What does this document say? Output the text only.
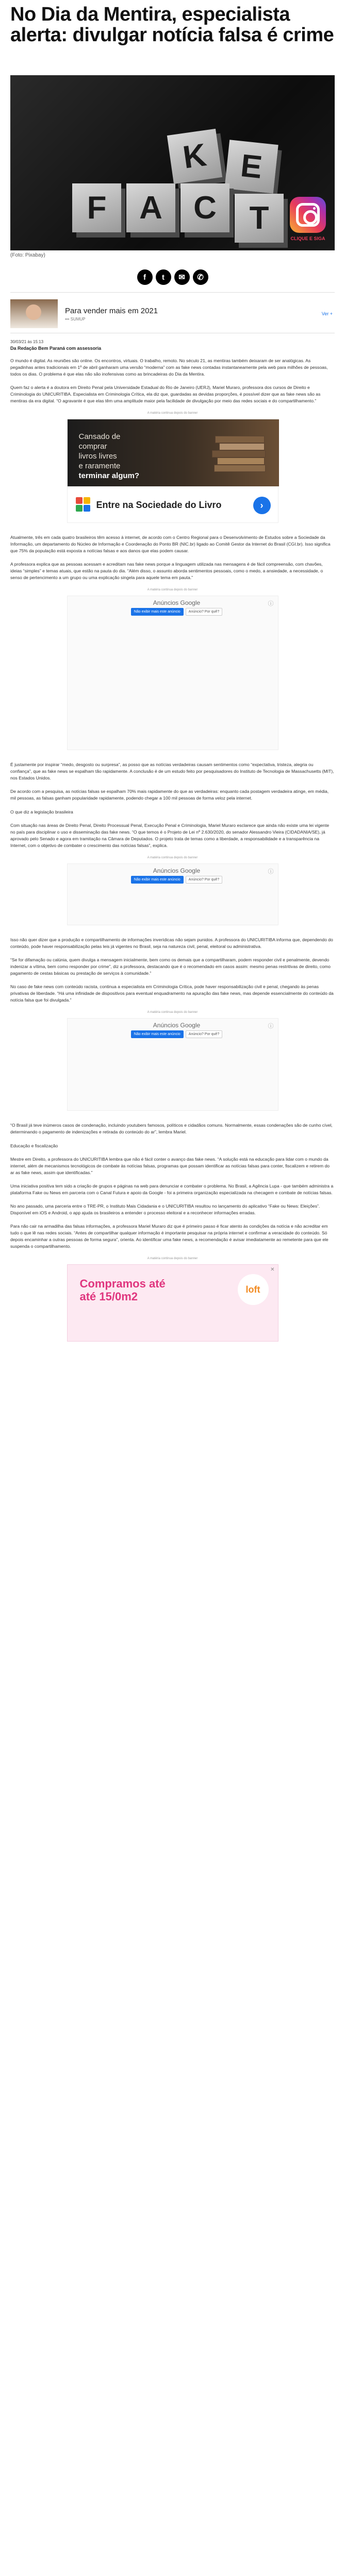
No Dia da Mentira, especialista alerta: divulgar notícia falsa é crime
F	A
K E
C	T
CLIQUE E SIGA
(Foto: Pixabay)
f	t	✉	✆
Para vender mais em 2021
••• SUMUP
Ver +
30/03/21 às 15:13
Da Redação Bem Paraná com assessoria

O mundo é digital. As reuniões são online. Os encontros, virtuais. O trabalho, remoto. No século 21, as mentiras também deixaram de ser analógicas. As pegadinhas antes tradicionais em 1º de abril ganharam uma versão “moderna” com as fake news contadas instantaneamente pela web para milhões de pessoas, todos os dias. O problema é que elas não são inofensivas como as brincadeiras do Dia da Mentira.

Quem faz o alerta é a doutora em Direito Penal pela Universidade Estadual do Rio de Janeiro (UERJ), Mariel Muraro, professora dos cursos de Direito e Criminologia do UNICURITIBA. Especialista em Criminologia Crítica, ela diz que, guardadas as devidas proporções, é possível dizer que as fake news são as mentiras da era digital. “O agravante é que elas têm uma amplitude maior pela facilidade de divulgação por meio das redes sociais e do compartilhamento.”

A matéria continua depois do banner
Cansado de
comprar
livros livres
e raramente
terminar algum?
Entre na Sociedade do Livro	›

Atualmente, três em cada quatro brasileiros têm acesso à internet, de acordo com o Centro Regional para o Desenvolvimento de Estudos sobre a Sociedade da Informação, um departamento do Núcleo de Informação e Coordenação do Ponto BR (NIC.br) ligado ao Comitê Gestor da Internet do Brasil (CGI.br). Isso significa que 75% da população está exposta a notícias falsas e aos danos que elas podem causar.

A professora explica que as pessoas acessam e acreditam nas fake news porque a linguagem utilizada nas mensagens é de fácil compreensão, com chavões, ideias “simples” e temas atuais, que estão na pauta do dia. “Além disso, o assunto aborda sentimentos pessoais, como o medo, a ansiedade, a necessidade, o senso de pertencimento a um grupo ou uma explicação singela para aquele tema em pauta.”

A matéria continua depois do banner
Anúncios Google
Não exibir mais este anúncio	Anúncio? Por quê?
ⓘ

É justamente por inspirar “medo, desgosto ou surpresa”, as posso que as notícias verdadeiras causam sentimentos como “expectativa, tristeza, alegria ou confiança”, que as fake news se espalham tão rapidamente. A conclusão é de um estudo feito por pesquisadores do Instituto de Tecnologia de Massachusetts (MIT), nos Estados Unidos.

De acordo com a pesquisa, as notícias falsas se espalham 70% mais rapidamente do que as verdadeiras: enquanto cada postagem verdadeira atinge, em média, mil pessoas, as falsas ganham popularidade rapidamente, podendo chegar a 100 mil pessoas de forma veloz pela internet.

O que diz a legislação brasileira

Com situação nas áreas de Direito Penal, Direito Processual Penal, Execução Penal e Criminologia, Mariel Muraro esclarece que ainda não existe uma lei vigente no país para disciplinar o uso e disseminação das fake news. “O que temos é o Projeto de Lei nº 2.630/2020, do senador Alessandro Vieira (CIDADANIA/SE), já aprovado pelo Senado e agora em tramitação na Câmara de Deputados. O projeto trata de temas como a liberdade, a responsabilidade e a transparência na Internet, com o objetivo de combater o crescimento das notícias falsas”, explica.

A matéria continua depois do banner
Anúncios Google
Não exibir mais este anúncio	Anúncio? Por quê?
ⓘ

Isso não quer dizer que a produção e compartilhamento de informações inverídicas não sejam punidos. A professora do UNICURITIBA informa que, dependendo do conteúdo, pode haver responsabilização pelas leis já vigentes no Brasil, seja na natureza civil, penal, eleitoral ou administrativa.

“Se for difamação ou calúnia, quem divulga a mensagem inicialmente, bem como os demais que a compartilharam, podem responder civil e penalmente, devendo indenizar a vítima, bem como responder por crime”, diz a professora, destacando que é o recomendado em casos assim: mesmo penas restritivas de direito, como pagamento de cestas básicas ou prestação de serviços à comunidade.”

No caso de fake news com conteúdo racista, continua a especialista em Criminologia Crítica, pode haver responsabilização civil e penal, chegando às penas privativas de liberdade. “Há uma infinidade de dispositivos para eventual enquadramento na apuração das fake news, mas depende essencialmente do conteúdo da notícia falsa que foi divulgada.”

A matéria continua depois do banner
Anúncios Google
Não exibir mais este anúncio	Anúncio? Por quê?
ⓘ

“O Brasil já teve inúmeros casos de condenação, incluindo youtubers famosos, políticos e cidadãos comuns. Normalmente, essas condenações são de cunho cível, determinando o pagamento de indenizações e retirada do conteúdo do ar”, lembra Mariel.

Educação e fiscalização

Mestre em Direito, a professora do UNICURITIBA lembra que não é fácil conter o avanço das fake news. “A solução está na educação para lidar com o mundo da internet, além de mecanismos tecnológicos de combate às notícias falsas, programas que possam identificar as notícias falsas para conter, fiscalizem e retirem do ar as fake news, assim que identificadas.”

Uma iniciativa positiva tem sido a criação de grupos e páginas na web para denunciar e combater o problema. No Brasil, a Agência Lupa - que também administra a plataforma Fake ou News em parceria com o Canal Futura e apoio da Google - foi a primeira organização especializada na checagem e combate de notícias falsas.

No ano passado, uma parceria entre o TRE-PR, o Instituto Mais Cidadania e o UNICURITIBA resultou no lançamento do aplicativo “Fake ou News: Eleições”. Disponível em iOS e Android, o app ajuda os brasileiros a entender o processo eleitoral e a reconhecer informações erradas.

Para não cair na armadilha das falsas informações, a professora Mariel Muraro diz que é primeiro passo é ficar atento às condições da notícia e não acreditar em tudo o que lê nas redes sociais. “Antes de compartilhar qualquer informação é importante pesquisar na própria internet e confirmar a veracidade do conteúdo. Só depois encaminhar a outras pessoas de forma segura”, orienta. Ao identificar uma fake news, a recomendação é avisar imediatamente ao remetente para que ele suspenda o compartilhamento.

A matéria continua depois do banner
Compramos até
até 15/0m2
loft
✕
